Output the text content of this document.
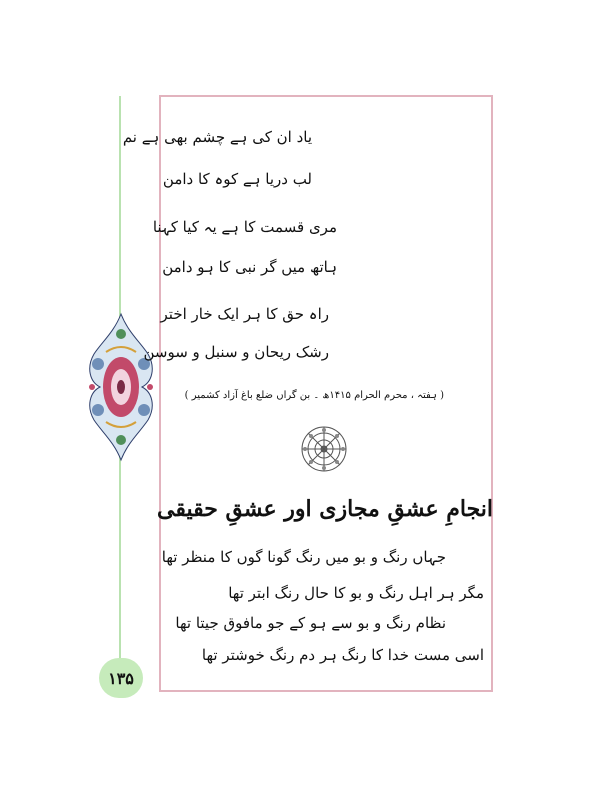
۱۳۵
یاد ان کی ہے چشم بھی ہے نم
لب دریا ہے کوہ کا دامن
مری قسمت کا ہے یہ کیا کہنا
ہاتھ میں گر نبی کا ہو دامن
راہ حق کا ہر ایک خار اختر
رشک ریحان و سنبل و سوسن
( ہفتہ ، محرم الحرام ۱۴۱۵ھ ۔ بن گراں ضلع باغ آزاد کشمیر )
انجامِ عشقِ مجازی اور عشقِ حقیقی
جہاں رنگ و بو میں رنگ گونا گوں کا منظر تھا
مگر ہر اہل رنگ و بو کا حال رنگ ابتر تھا
نظام رنگ و بو سے ہو کے جو مافوق جیتا تھا
اسی مست خدا کا رنگ ہر دم رنگ خوشتر تھا
